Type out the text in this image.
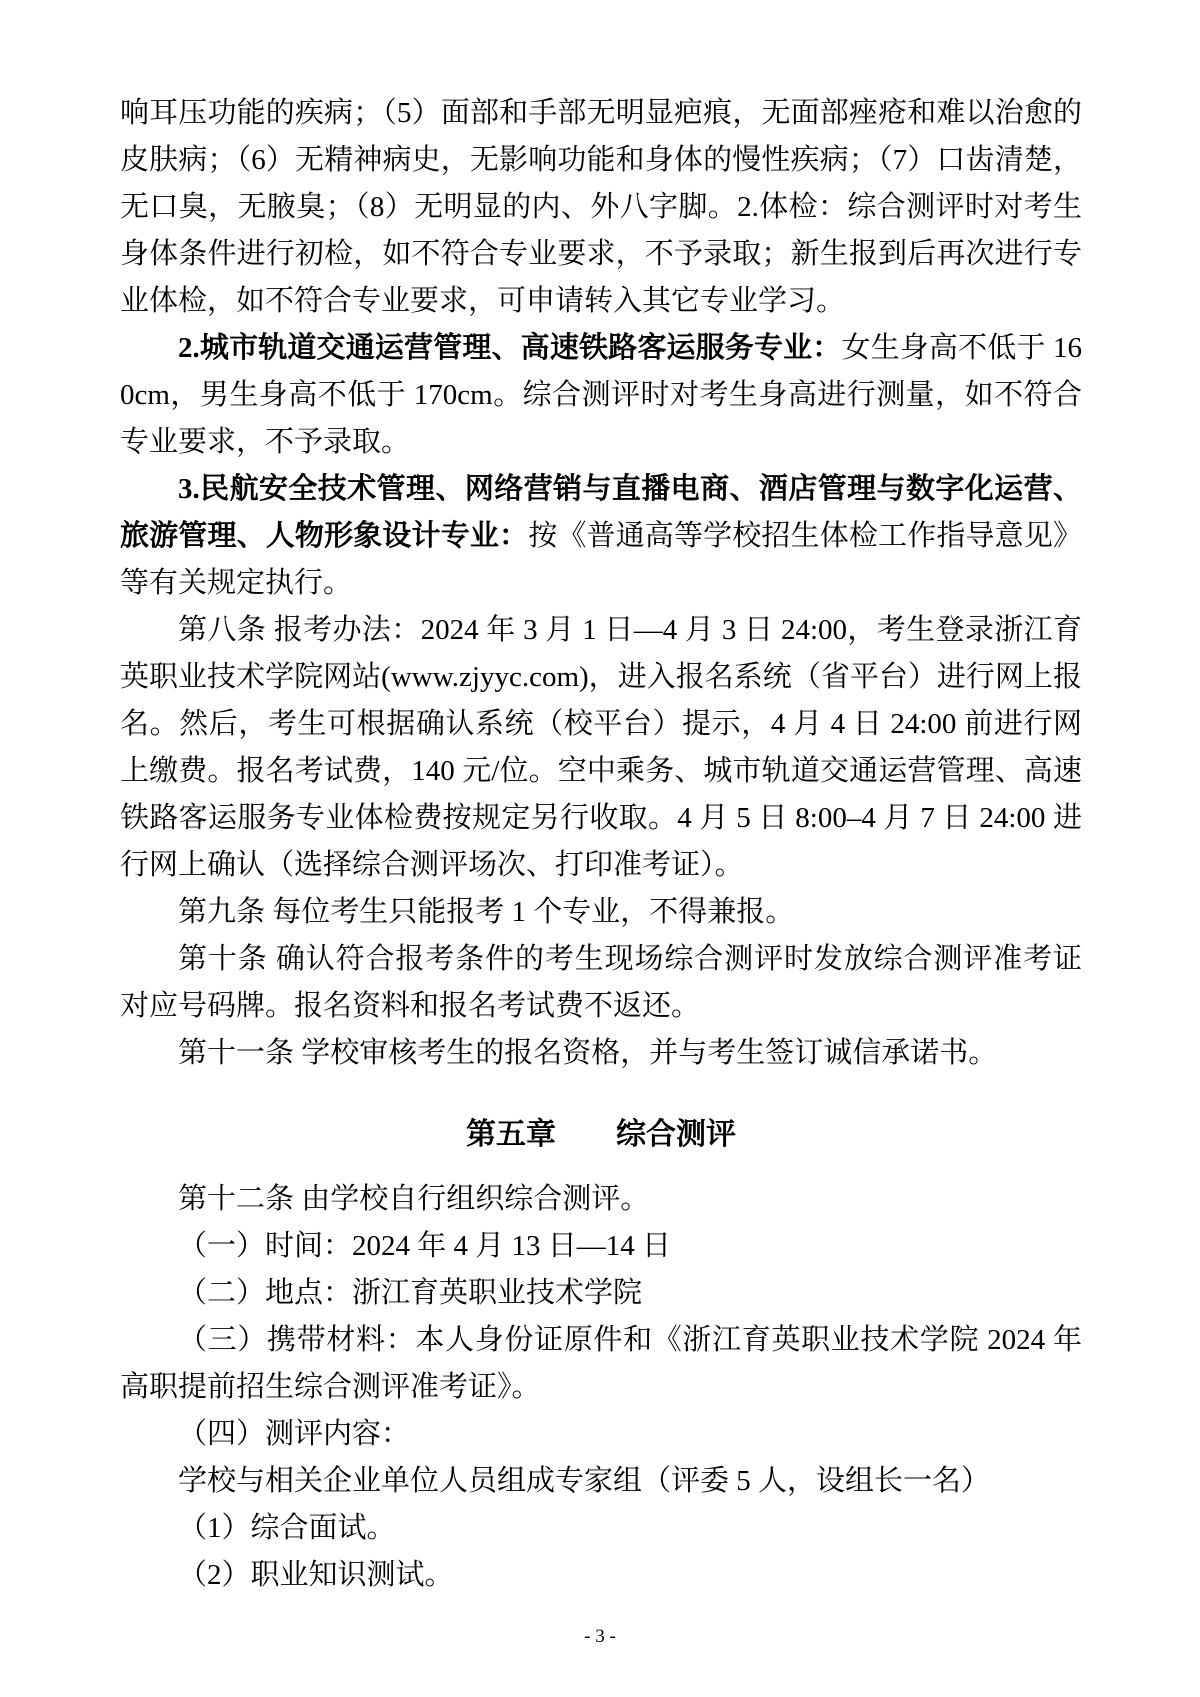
响耳压功能的疾病；（5）面部和手部无明显疤痕，无面部痤疮和难以治愈的皮肤病；（6）无精神病史，无影响功能和身体的慢性疾病；（7）口齿清楚，无口臭，无腋臭；（8）无明显的内、外八字脚。2.体检：综合测评时对考生身体条件进行初检，如不符合专业要求，不予录取；新生报到后再次进行专业体检，如不符合专业要求，可申请转入其它专业学习。

2.城市轨道交通运营管理、高速铁路客运服务专业：女生身高不低于 160cm，男生身高不低于 170cm。综合测评时对考生身高进行测量，如不符合专业要求，不予录取。

3.民航安全技术管理、网络营销与直播电商、酒店管理与数字化运营、旅游管理、人物形象设计专业：按《普通高等学校招生体检工作指导意见》等有关规定执行。

第八条 报考办法：2024 年 3 月 1 日—4 月 3 日 24:00，考生登录浙江育英职业技术学院网站(www.zjyyc.com)，进入报名系统（省平台）进行网上报名。然后，考生可根据确认系统（校平台）提示，4 月 4 日 24:00 前进行网上缴费。报名考试费，140 元/位。空中乘务、城市轨道交通运营管理、高速铁路客运服务专业体检费按规定另行收取。4 月 5 日 8:00–4 月 7 日 24:00 进行网上确认（选择综合测评场次、打印准考证）。

第九条 每位考生只能报考 1 个专业，不得兼报。

第十条 确认符合报考条件的考生现场综合测评时发放综合测评准考证对应号码牌。报名资料和报名考试费不返还。

第十一条 学校审核考生的报名资格，并与考生签订诚信承诺书。

第五章　　综合测评

第十二条 由学校自行组织综合测评。

（一）时间：2024 年 4 月 13 日—14 日

（二）地点：浙江育英职业技术学院

（三）携带材料：本人身份证原件和《浙江育英职业技术学院 2024 年高职提前招生综合测评准考证》。

（四）测评内容：

学校与相关企业单位人员组成专家组（评委 5 人，设组长一名）

（1）综合面试。

（2）职业知识测试。

- 3 -
